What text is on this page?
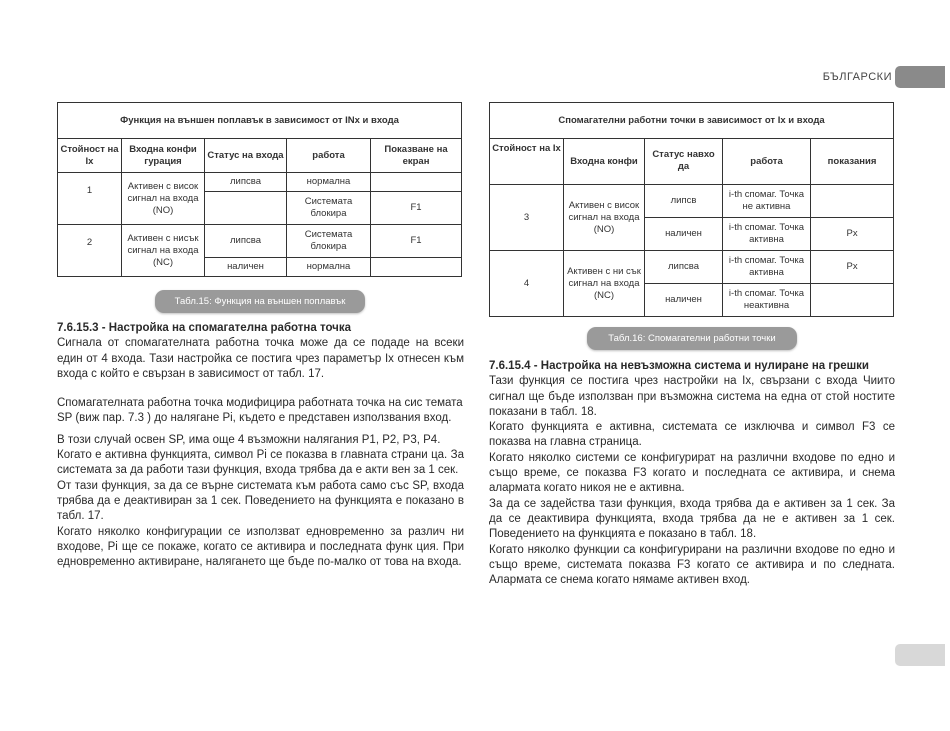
БЪЛГАРСКИ
Функция на външен поплавък в зависимост от INx и входа				
Стойност на Ix	Входна конфи гурация	Статус на входа	работа	Показване на екран
1	Активен с висок сигнал на входа (NO)	липсва	нормална	
			Системата блокира	F1
2	Активен с нисък сигнал на входа (NC)	липсва	Системата блокира	F1
		наличен	нормална	
Табл.15: Функция на външен поплавък
Спомагателни работни точки в зависимост от Ix и входа				
Стойност на Ix	Входна конфи	Статус навхо да	работа	показания
3	Активен с висок сигнал на входа (NO)	липсв	i-th спомаг. Точка не активна	
		наличен	i-th спомаг. Точка активна	Px
4	Активен с ни сък сигнал на входа (NC)	липсва	i-th спомаг. Точка активна	Px
		наличен	i-th спомаг. Точка неактивна	
Табл.16: Спомагателни работни точки
7.6.15.3 - Настройка на спомагателна работна точка

Сигнала от спомагателната работна точка може да се подаде на всеки един от 4 входа. Тази настройка се постига чрез параметър Ix отнесен към входа с който е свързан в зависимост от табл. 17.

Спомагателната работна точка модифицира работната точка на сис темата

SP (виж пар. 7.3 ) до налягане Pi, където е представен използвания вход.

В този случай освен SP, има още 4 възможни налягания P1, P2, P3, P4.

Когато е активна функцията, символ Pi се показва в главната страни ца. За системата за да работи тази функция, входа трябва да е акти вен за 1 сек.

От тази функция, за да се върне системата към работа само със SP, входа трябва да е деактивиран за 1 сек. Поведението на функцията е показано в табл. 17.

Когато няколко конфигурации се използват едновременно за различ ни входове, Pi ще се покаже, когато се активира и последната функ ция. При едновременно активиране, налягането ще бъде по-малко от това на входа.

7.6.15.4 - Настройка на невъзможна система и нулиране на грешки

Тази функция се постига чрез настройки на Ix, свързани с входа Чиито сигнал ще бъде използван при възможна система на една от стой ностите показани в табл. 18.

Когато функцията е активна, системата се изключва и символ F3 се показва на главна страница.

Когато няколко системи се конфигурират на различни входове по едно и също време, се показва F3 когато и последната се активира, и снема алармата когато никоя не е активна.

За да се задейства тази функция, входа трябва да е активен за 1 сек. За да се деактивира функцията, входа трябва да не е активен за 1 сек. Поведението на функцията е показано в табл. 18.

Когато няколко функции са конфигурирани на различни входове по едно и също време, системата показва F3 когато се активира и по следната. Алармата се снема когато нямаме активен вход.
